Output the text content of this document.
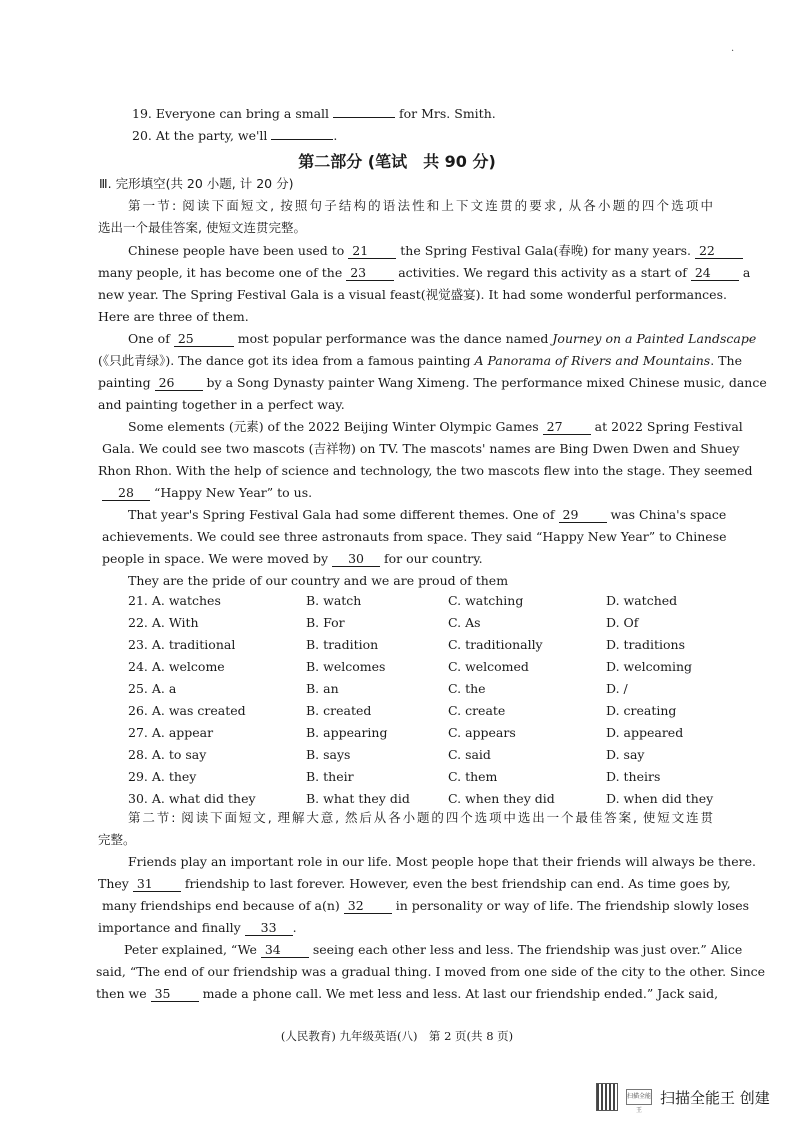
·
19. Everyone can bring a small	for Mrs. Smith.
20. At the party, we'll	.
第二部分 (笔试　共 90 分)
Ⅲ. 完形填空(共 20 小题, 计 20 分)
第一节: 阅读下面短文, 按照句子结构的语法性和上下文连贯的要求, 从各小题的四个选项中
选出一个最佳答案, 使短文连贯完整。
Chinese people have been used to 21	the Spring Festival Gala(春晚) for many years. 22
many people, it has become one of the 23	activities. We regard this activity as a start of 24	a
new year. The Spring Festival Gala is a visual feast(视觉盛宴). It had some wonderful performances.
Here are three of them.
One of 25	most popular performance was the dance named Journey on a Painted Landscape
(《只此青绿》). The dance got its idea from a famous painting A Panorama of Rivers and Mountains. The
painting 26	by a Song Dynasty painter Wang Ximeng. The performance mixed Chinese music, dance
and painting together in a perfect way.
Some elements (元素) of the 2022 Beijing Winter Olympic Games 27	at 2022 Spring Festival
Gala. We could see two mascots (吉祥物) on TV. The mascots' names are Bing Dwen Dwen and Shuey
Rhon Rhon. With the help of science and technology, the two mascots flew into the stage. They seemed
28 “Happy New Year” to us.
That year's Spring Festival Gala had some different themes. One of 29	was China's space
achievements. We could see three astronauts from space. They said “Happy New Year” to Chinese
people in space. We were moved by 30 for our country.
They are the pride of our country and we are proud of them
21. A. watches	B. watch	C. watching	D. watched
22. A. With	B. For	C. As	D. Of
23. A. traditional	B. tradition	C. traditionally	D. traditions
24. A. welcome	B. welcomes	C. welcomed	D. welcoming
25. A. a	B. an	C. the	D. /
26. A. was created	B. created	C. create	D. creating
27. A. appear	B. appearing	C. appears	D. appeared
28. A. to say	B. says	C. said	D. say
29. A. they	B. their	C. them	D. theirs
30. A. what did they	B. what they did	C. when they did	D. when did they
第二节: 阅读下面短文, 理解大意, 然后从各小题的四个选项中选出一个最佳答案, 使短文连贯
完整。
Friends play an important role in our life. Most people hope that their friends will always be there.
They 31	friendship to last forever. However, even the best friendship can end. As time goes by,
many friendships end because of a(n) 32	in personality or way of life. The friendship slowly loses
importance and finally 33 .
Peter explained, “We 34	seeing each other less and less. The friendship was just over.” Alice
said, “The end of our friendship was a gradual thing. I moved from one side of the city to the other. Since
then we 35	made a phone call. We met less and less. At last our friendship ended.” Jack said,
(人民教育) 九年级英语(八)　第 2 页(共 8 页)
扫描全能王
扫描全能王 创建
